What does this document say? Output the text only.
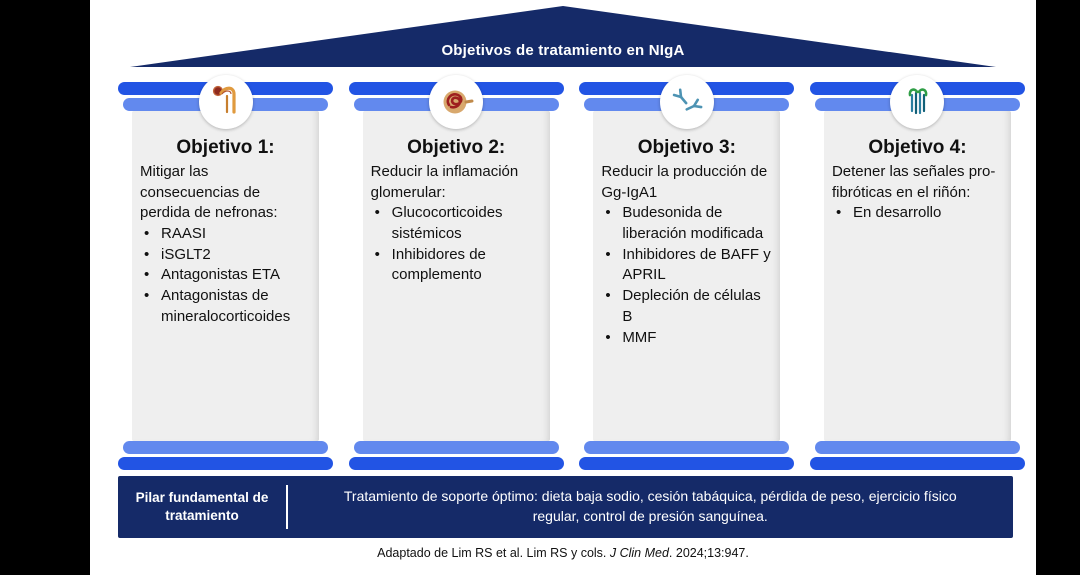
Objetivos de tratamiento en NIgA
Objetivo 1:

Mitigar las consecuencias de perdida de nefronas:

• RAASI
• iSGLT2
• Antagonistas ETA
• Antagonistas de mineralocorticoides
Objetivo 2:

Reducir la inflamación glomerular:

• Glucocorticoides sistémicos
• Inhibidores de complemento
Objetivo 3:

Reducir la producción de Gg-IgA1

• Budesonida de liberación modificada
• Inhibidores de BAFF y APRIL
• Depleción de células B
• MMF
Objetivo 4:

Detener las señales pro-fibróticas en el riñón:

• En desarrollo
Pilar fundamental de tratamiento
Tratamiento de soporte óptimo: dieta baja sodio, cesión tabáquica, pérdida de peso, ejercicio físico regular, control de presión sanguínea.
Adaptado de Lim RS et al. Lim RS y cols. J Clin Med. 2024;13:947.
